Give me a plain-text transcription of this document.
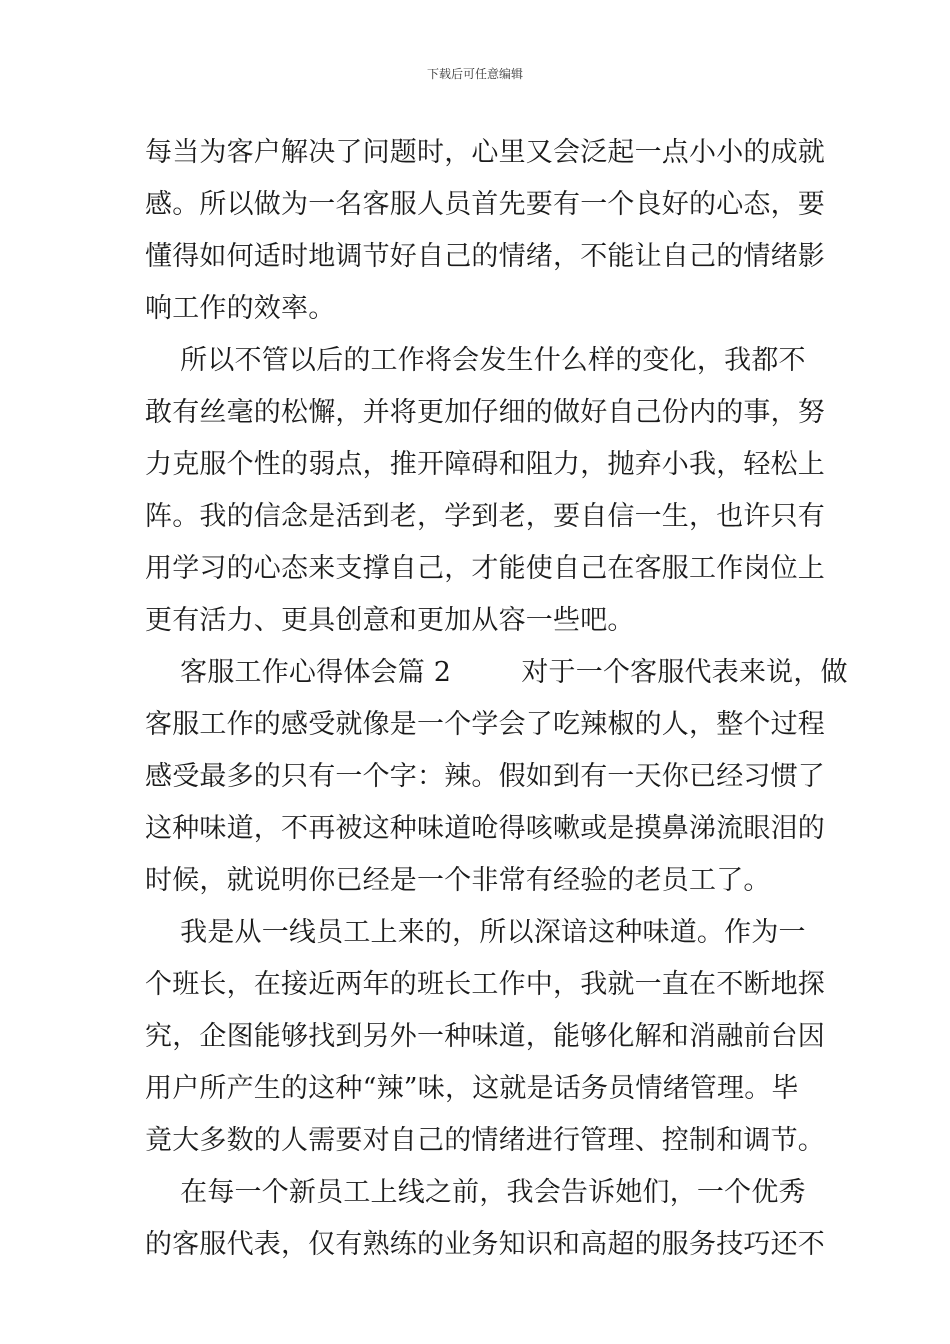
下载后可任意编辑
每当为客户解决了问题时，心里又会泛起一点小小的成就
感。所以做为一名客服人员首先要有一个良好的心态，要
懂得如何适时地调节好自己的情绪，不能让自己的情绪影
响工作的效率。
所以不管以后的工作将会发生什么样的变化，我都不
敢有丝毫的松懈，并将更加仔细的做好自己份内的事，努
力克服个性的弱点，推开障碍和阻力，抛弃小我，轻松上
阵。我的信念是活到老，学到老，要自信一生，也许只有
用学习的心态来支撑自己，才能使自己在客服工作岗位上
更有活力、更具创意和更加从容一些吧。
客服工作心得体会篇 2        对于一个客服代表来说，做
客服工作的感受就像是一个学会了吃辣椒的人，整个过程
感受最多的只有一个字：辣。假如到有一天你已经习惯了
这种味道，不再被这种味道呛得咳嗽或是摸鼻涕流眼泪的
时候，就说明你已经是一个非常有经验的老员工了。
我是从一线员工上来的，所以深谙这种味道。作为一
个班长，在接近两年的班长工作中，我就一直在不断地探
究，企图能够找到另外一种味道，能够化解和消融前台因
用户所产生的这种“辣”味，这就是话务员情绪管理。毕
竟大多数的人需要对自己的情绪进行管理、控制和调节。
在每一个新员工上线之前，我会告诉她们，一个优秀
的客服代表，仅有熟练的业务知识和高超的服务技巧还不
